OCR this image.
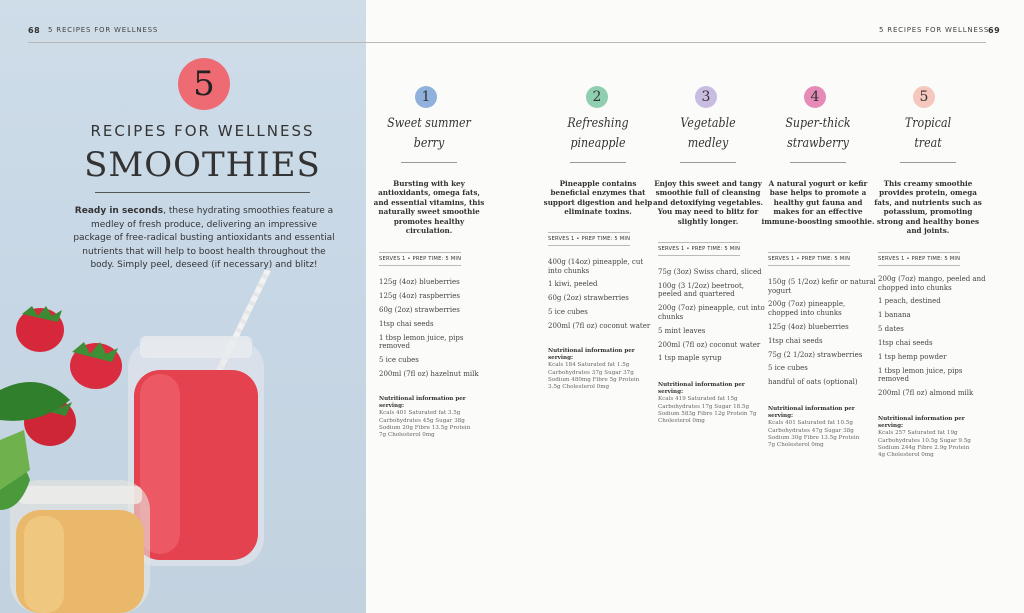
68 5 RECIPES FOR WELLNESS
5
RECIPES FOR WELLNESS
SMOOTHIES
Ready in seconds, these hydrating smoothies feature a medley of fresh produce, delivering an impressive package of free-radical busting antioxidants and essential nutrients that will help to boost health throughout the body. Simply peel, deseed (if necessary) and blitz!
5 RECIPES FOR WELLNESS
69
1
Sweet summer
berry
Bursting with key antioxidants, omega fats, and essential vitamins, this naturally sweet smoothie promotes healthy circulation.
SERVES 1 • PREP TIME: 5 MIN
125g (4oz) blueberries
125g (4oz) raspberries
60g (2oz) strawberries
1tsp chai seeds
1 tbsp lemon juice, pips removed
5 ice cubes
200ml (7fl oz) hazelnut milk
Nutritional information per serving:
Kcals 401 Saturated fat 3.5g Carbohydrates 45g Sugar 38g Sodium 20g Fibre 13.5g Protein 7g Cholesterol 0mg
2
Refreshing
pineapple
Pineapple contains beneficial enzymes that support digestion and help eliminate toxins.
SERVES 1 • PREP TIME: 5 MIN
400g (14oz) pineapple, cut into chunks
1 kiwi, peeled
60g (2oz) strawberries
5 ice cubes
200ml (7fl oz) coconut water
Nutritional information per serving:
Kcals 184 Saturated fat 1.5g Carbohydrates 37g Sugar 37g Sodium 480mg Fibre 5g Protein 3.5g Cholesterol 0mg
3
Vegetable
medley
Enjoy this sweet and tangy smoothie full of cleansing and detoxifying vegetables. You may need to blitz for slightly longer.
SERVES 1 • PREP TIME: 5 MIN
75g (3oz) Swiss chard, sliced
100g (3 1/2oz) beetroot, peeled and quartered
200g (7oz) pineapple, cut into chunks
5 mint leaves
200ml (7fl oz) coconut water
1 tsp maple syrup
Nutritional information per serving:
Kcals 419 Saturated fat 15g Carbohydrates 17g Sugar 18.5g Sodium 583g Fibre 12g Protein 7g Cholesterol 0mg
4
Super-thick
strawberry
A natural yogurt or kefir base helps to promote a healthy gut fauna and makes for an effective immune-boosting smoothie.
SERVES 1 • PREP TIME: 5 MIN
150g (5 1/2oz) kefir or natural yogurt
200g (7oz) pineapple, chopped into chunks
125g (4oz) blueberries
1tsp chai seeds
75g (2 1/2oz) strawberries
5 ice cubes
handful of oats (optional)
Nutritional information per serving:
Kcals 401 Saturated fat 10.5g Carbohydrates 47g Sugar 38g Sodium 30g Fibre 13.5g Protein 7g Cholesterol 0mg
5
Tropical
treat
This creamy smoothie provides protein, omega fats, and nutrients such as potassium, promoting strong and healthy bones and joints.
SERVES 1 • PREP TIME: 5 MIN
200g (7oz) mango, peeled and chopped into chunks
1 peach, destined
1 banana
5 dates
1tsp chai seeds
1 tsp hemp powder
1 tbsp lemon juice, pips removed
200ml (7fl oz) almond milk
Nutritional information per serving:
Kcals 257 Saturated fat 19g Carbohydrates 10.5g Sugar 9.5g Sodium 244g Fibre 2.9g Protein 4g Cholesterol 0mg
